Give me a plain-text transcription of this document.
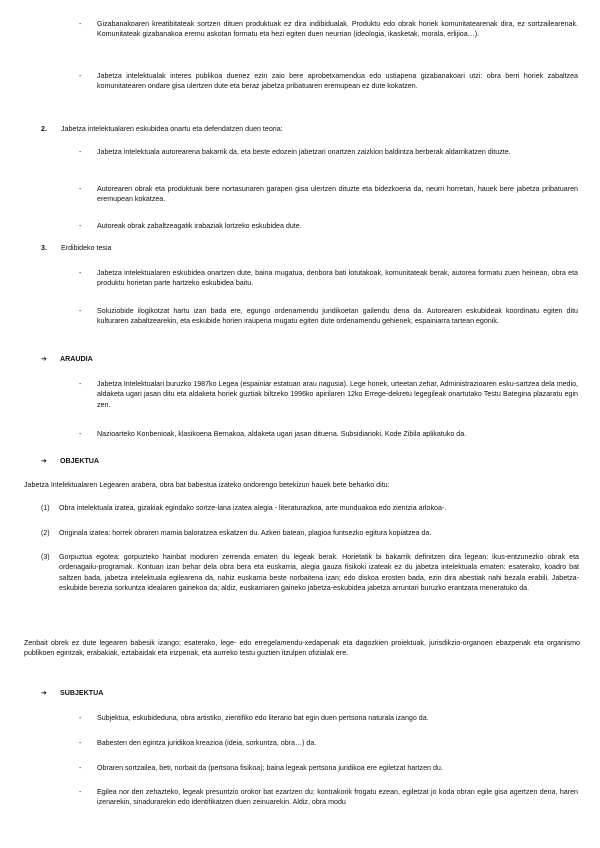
- Gizabanakoaren kreatibitateak sortzen dituen produktuak ez dira indibidualak. Produktu edo obrak horiek komunitatearenak dira, ez sortzailearenak. Komunitateak gizabanakoa eremu askotan formatu eta hezi egiten duen neurrian (ideologia, ikasketak, morala, erlijioa…).
- Jabetza intelektualak interes publikoa duenez ezin zaio bere aprobetxamendua edo ustiapena gizabanakoari utzi: obra berri horiek zabaltzea komunitatearen ondare gisa ulertzen dute eta beraz jabetza pribatuaren eremupean ez dute kokatzen.
2. Jabetza intelektualaren eskubidea onartu eta defendatzen duen teoria:
- Jabetza intelektuala autorearena bakarrik da, eta beste edozein jabetzari onartzen zaizkion baldintza berberak aldarrikatzen dituzte.
- Autorearen obrak eta produktuak bere nortasunaren garapen gisa ulertzen dituzte eta bidezkoena da, neurri horretan, hauek bere jabetza pribatuaren eremupean kokatzea.
- Autoreak obrak zabaltzeagatik irabaziak lortzeko eskubidea dute.
3. Erdibideko tesia
- Jabetza intelektualaren eskubidea onartzen dute, baina mugatua, denbora bati lotutakoak, komunitateak berak, autorea formatu zuen heinean, obra eta produktu horietan parte hartzeko eskubidea baitu.
- Soluziobide ilogikotzat hartu izan bada ere, egungo ordenamendu juridikoetan gailendu dena da. Autorearen eskubideak koordinatu egiten ditu kulturaren zabaltzearekin, eta eskubide horien iraupena mugatu egiten dute ordenamendu gehienek, espainiarra tartean egonik.
➔ ARAUDIA
- Jabetza Intelektualari buruzko 1987ko Legea (espainiar estatuan arau nagusia). Lege honek, urteetan zehar, Administrazioaren esku-sartzea dela medio, aldaketa ugari jasan ditu eta aldaketa horiek guztiak biltzeko 1996ko apirilaren 12ko Errege-dekretu legegileak onartutako Testu Bategina plazaratu egin zen.
- Nazioarteko Konbenioak, klasikoena Bernakoa, aldaketa ugari jasan dituena. Subsidiarioki, Kode Zibila aplikatuko da.
➔ OBJEKTUA
Jabetza Intelektualaren Legearen arabera, obra bat babestua izateko ondorengo betekizun hauek bete beharko ditu:
(1) Obra intelektuala izatea, gizakiak egindako sortze-lana izatea alegia - literaturazkoa, arte munduakoa edo zientzia arlokoa-.
(2) Originala izatea: horrek obraren mamia baloratzea eskatzen du. Azken batean, plagioa funtsezko egitura kopiatzea da.
(3) Gorpuztua egotea: gorpuzteko hainbat moduren zerrenda ematen du legeak berak. Horietatik bi bakarrik definitzen dira legean: ikus-entzunezko obrak eta ordenagailu-programak. Kontuan izan behar dela obra bera eta euskarria, alegia gauza fisikoki izateak ez du jabetza intelektuala ematen: esaterako, koadro bat saltzen bada, jabetza intelektuala egilearena da, nahiz euskarria beste norbaitena izan; edo diskoa erosten bada, ezin dira abestiak nahi bezala erabili. Jabetza-eskubide berezia sorkuntza idealaren gainekoa da; aldiz, euskarriaren gaineko jabetza-eskubidea jabetza arruntari buruzko erantzara meneratuko da.
Zenbait obrek ez dute legearen babesik izango; esaterako, lege- edo erregelamendu-xedapenak eta dagozkien proiektuak, jurisdikzio-organoen ebazpenak eta organismo publikoen egintzak, erabakiak, eztabaidak eta irizpenak, eta aurreko testu guztien itzulpen ofizialak ere.
➔ SUBJEKTUA
- Subjektua, eskubideduna, obra artistiko, zientifiko edo literario bat egin duen pertsona naturala izango da.
- Babesten den egintza juridikoa kreazioa (ideia, sorkuntza, obra…) da.
- Obraren sortzailea, beti, norbait da (pertsona fisikoa); baina legeak pertsona juridikoa ere egiletzat hartzen du.
- Egilea nor den zehazteko, legeak presuntzio orokor bat ezartzen du: kontrakorik frogatu ezean, egiletzat jo koda obran egile gisa agertzen dena, haren izenarekin, sinadurarekin edo identifikatzen duen zeinuarekin. Aldiz, obra modu
